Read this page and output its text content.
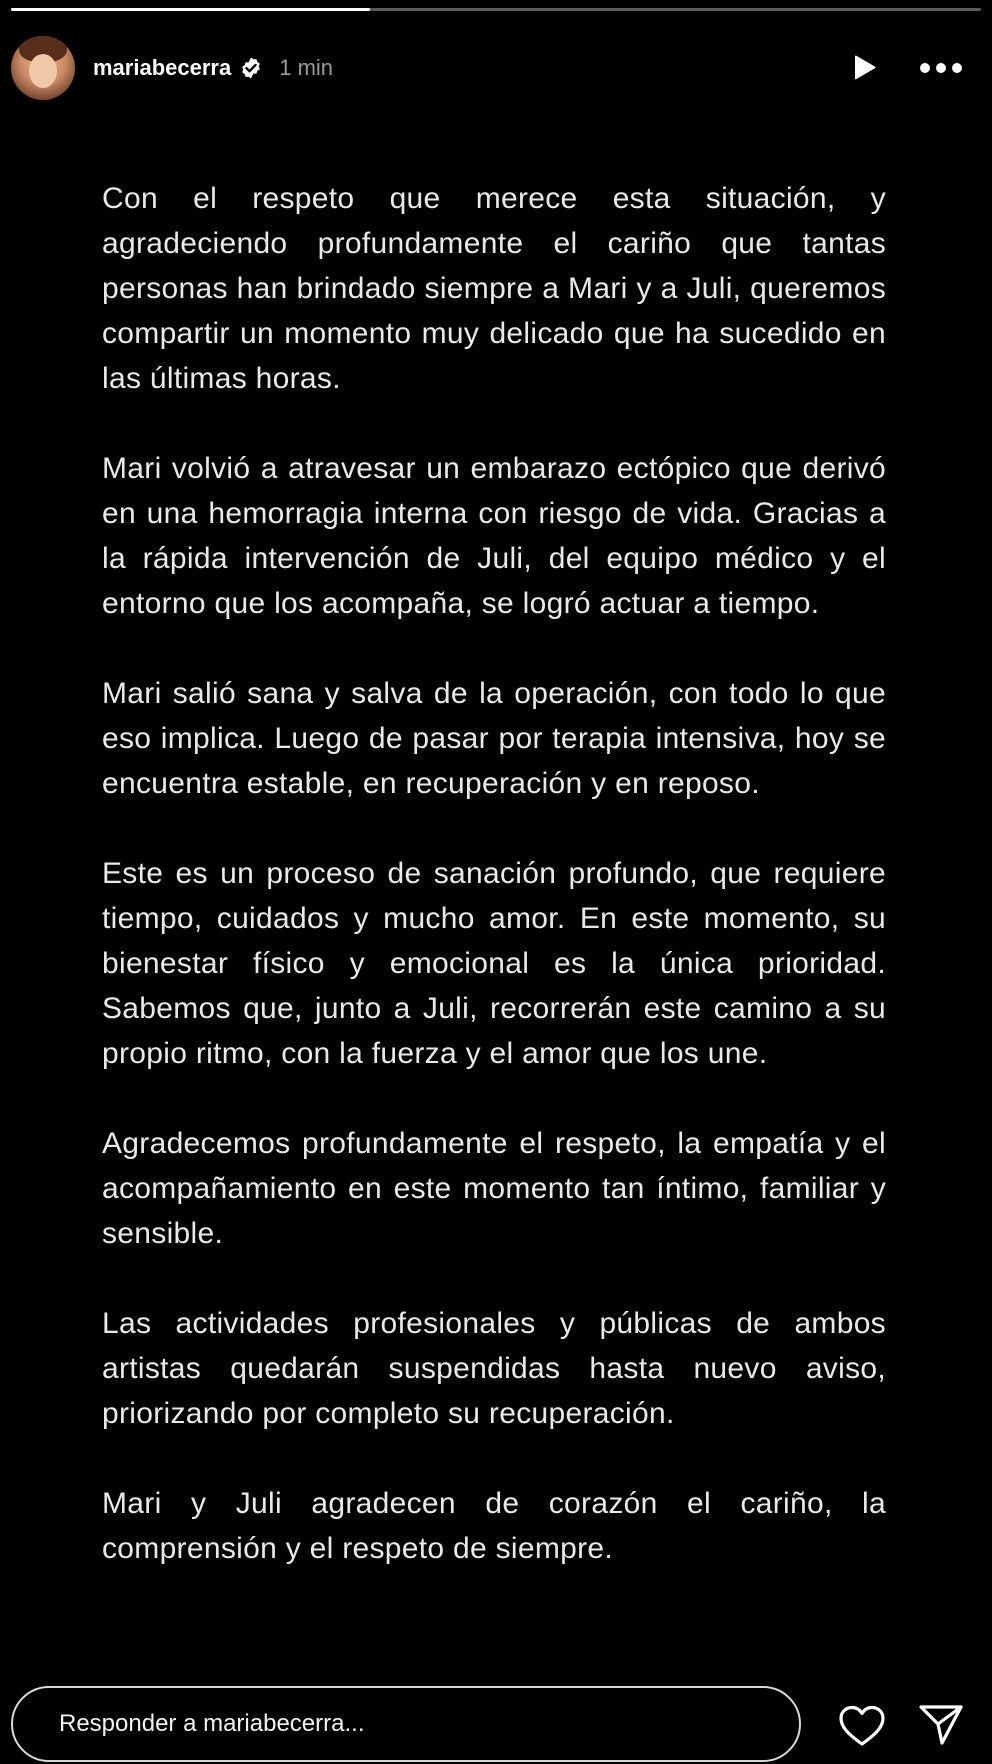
mariabecerra 1 min

Con el respeto que merece esta situación, y agradeciendo profundamente el cariño que tantas personas han brindado siempre a Mari y a Juli, queremos compartir un momento muy delicado que ha sucedido en las últimas horas.

Mari volvió a atravesar un embarazo ectópico que derivó en una hemorragia interna con riesgo de vida. Gracias a la rápida intervención de Juli, del equipo médico y el entorno que los acompaña, se logró actuar a tiempo.

Mari salió sana y salva de la operación, con todo lo que eso implica. Luego de pasar por terapia intensiva, hoy se encuentra estable, en recuperación y en reposo.

Este es un proceso de sanación profundo, que requiere tiempo, cuidados y mucho amor. En este momento, su bienestar físico y emocional es la única prioridad. Sabemos que, junto a Juli, recorrerán este camino a su propio ritmo, con la fuerza y el amor que los une.

Agradecemos profundamente el respeto, la empatía y el acompañamiento en este momento tan íntimo, familiar y sensible.

Las actividades profesionales y públicas de ambos artistas quedarán suspendidas hasta nuevo aviso, priorizando por completo su recuperación.

Mari y Juli agradecen de corazón el cariño, la comprensión y el respeto de siempre.

Responder a mariabecerra...
